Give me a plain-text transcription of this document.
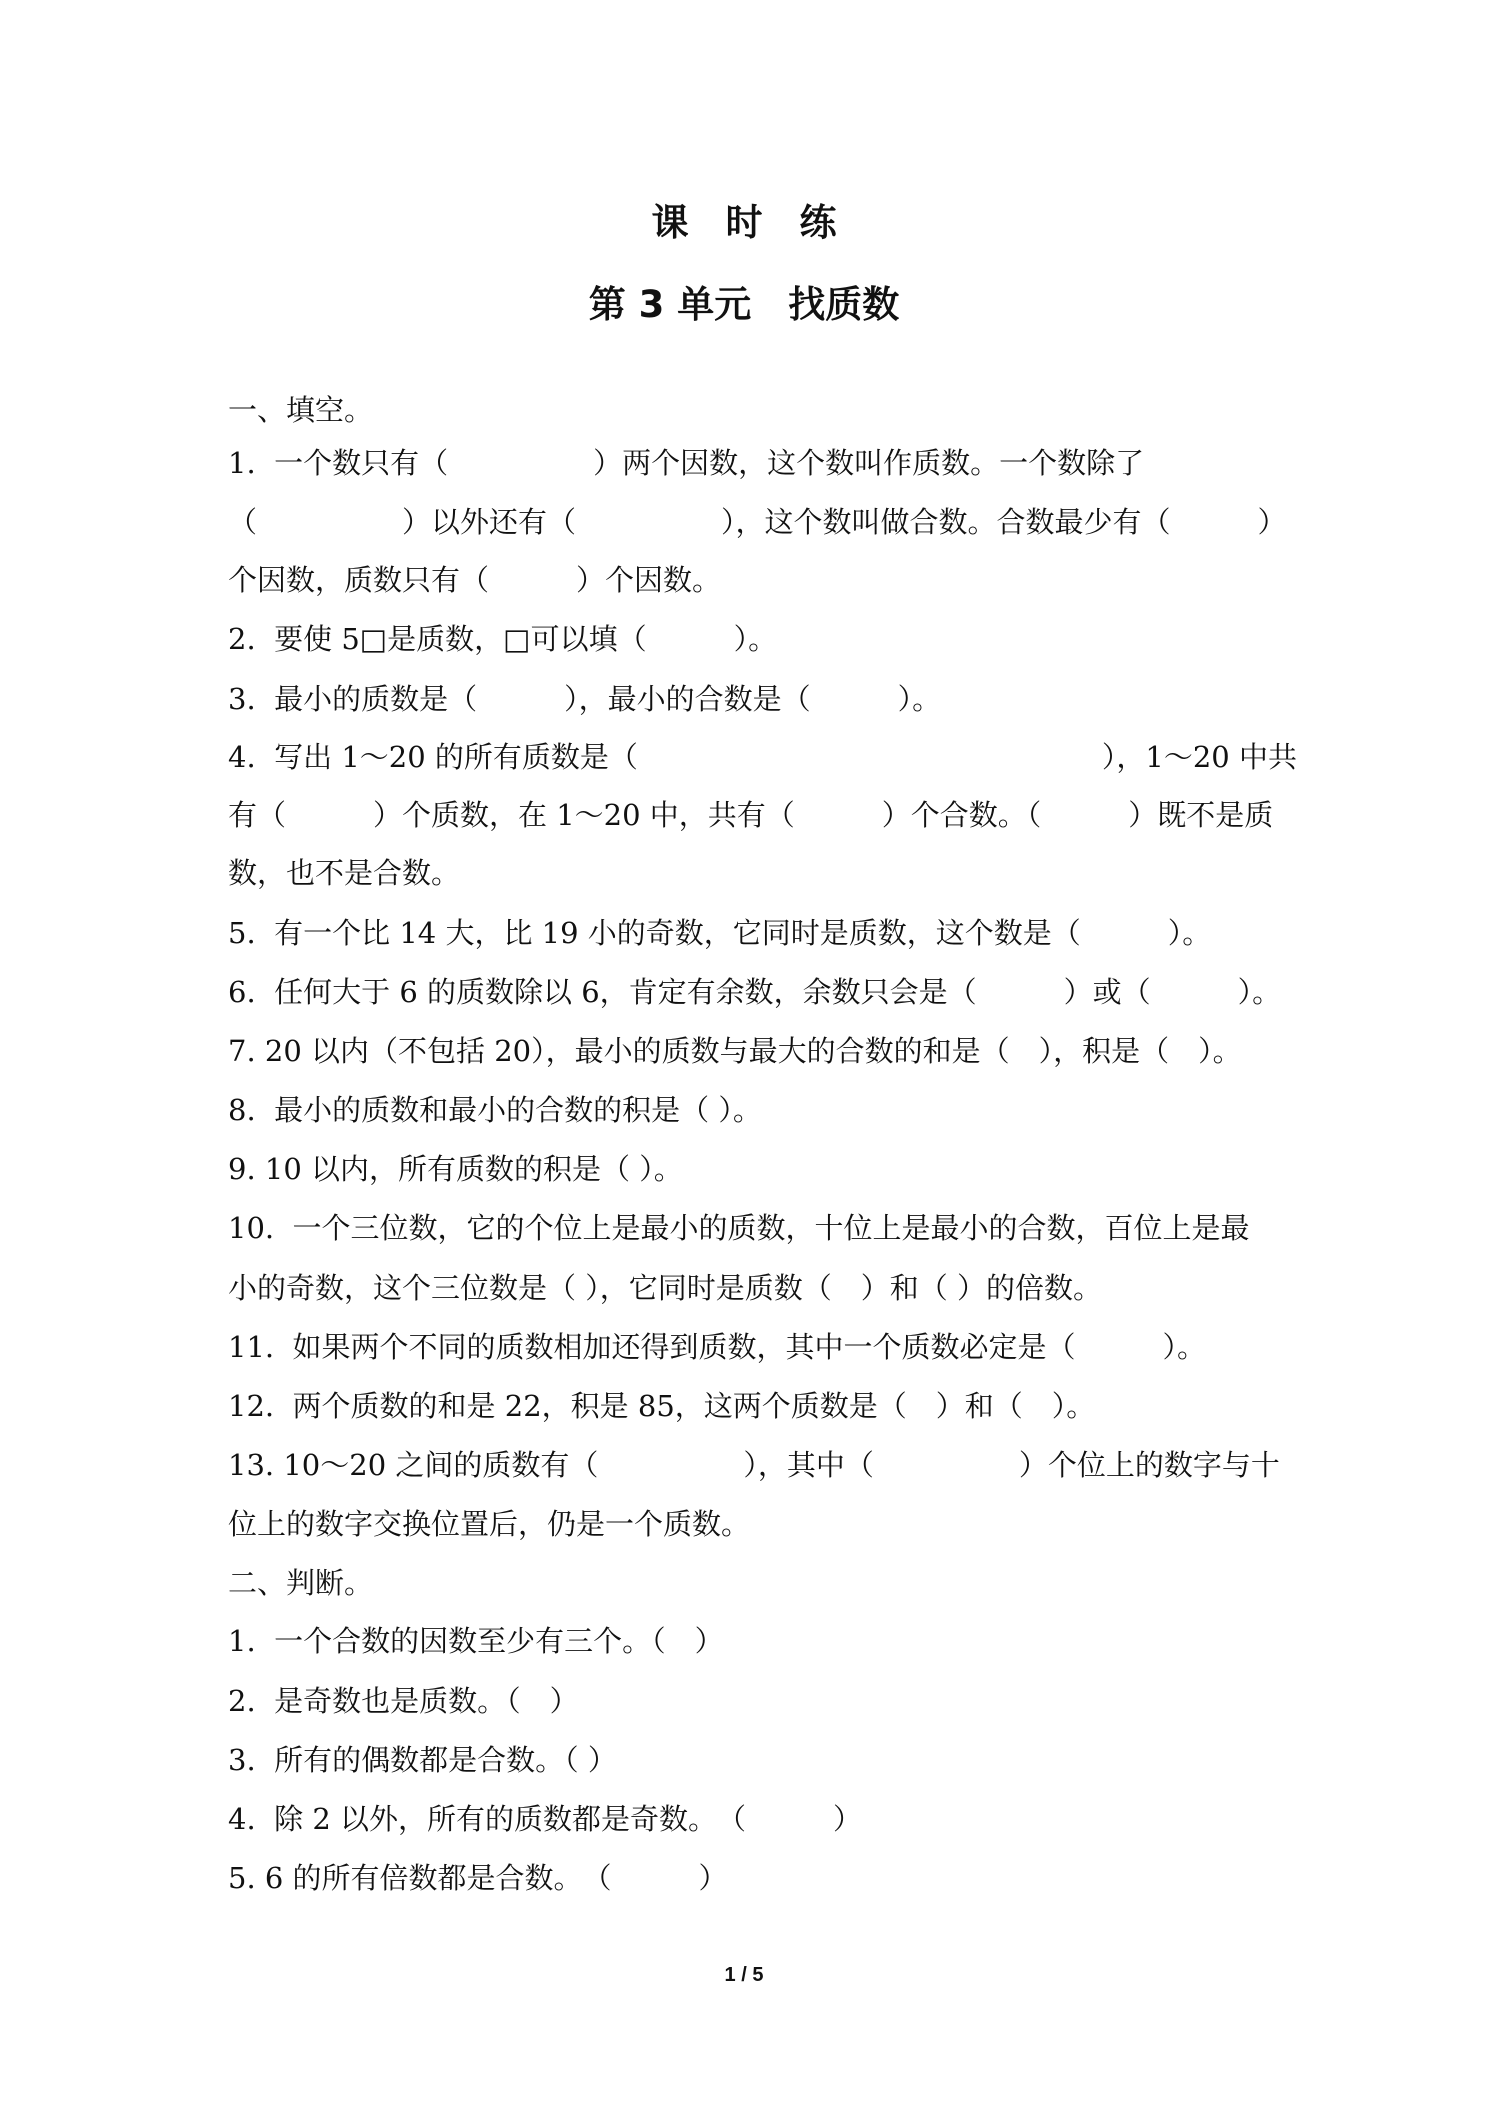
课　时　练
第 3 单元　找质数
一、填空。
1.  一个数只有（　　　　　）两个因数，这个数叫作质数。一个数除了
（　　　　　）以外还有（　　　　　），这个数叫做合数。合数最少有（　　　）
个因数，质数只有（　　　）个因数。
2.  要使 5□是质数，□可以填（　　　）。
3.  最小的质数是（　　　），最小的合数是（　　　）。
4.  写出 1～20 的所有质数是（　　　　　　　　　　　　　　　　），1～20 中共
有（　　　）个质数，在 1～20 中，共有（　　　）个合数。（　　　）既不是质
数，也不是合数。
5.  有一个比 14 大，比 19 小的奇数，它同时是质数，这个数是（　　　）。
6.  任何大于 6 的质数除以 6，肯定有余数，余数只会是（　　　）或（　　　）。
7. 20 以内（不包括 20），最小的质数与最大的合数的和是（　），积是（　）。
8.  最小的质数和最小的合数的积是（ ）。
9. 10 以内，所有质数的积是（ ）。
10.  一个三位数，它的个位上是最小的质数，十位上是最小的合数，百位上是最
小的奇数，这个三位数是（ ），它同时是质数（　）和（ ）的倍数。
11.  如果两个不同的质数相加还得到质数，其中一个质数必定是（　　　）。
12.  两个质数的和是 22，积是 85，这两个质数是（　）和（　）。
13. 10～20 之间的质数有（　　　　　），其中（　　　　　）个位上的数字与十
位上的数字交换位置后，仍是一个质数。
二、判断。
1.  一个合数的因数至少有三个。（　）
2.  是奇数也是质数。（　）
3.  所有的偶数都是合数。（ ）
4.  除 2 以外，所有的质数都是奇数。　（　　　）
5. 6 的所有倍数都是合数。　（　　　）
1 / 5
